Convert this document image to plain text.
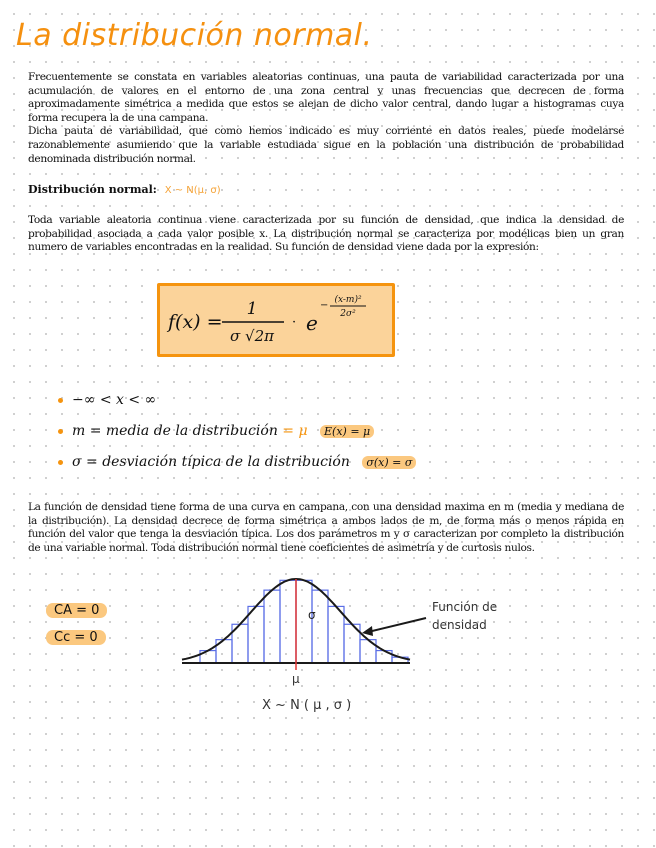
La distribución normal.

Frecuentemente se constata en variables aleatorias continuas, una pauta de variabilidad caracterizada por una acumulación de valores en el entorno de una zona central y unas frecuencias que decrecen de forma aproximadamente simétrica a medida que estos se alejan de dicho valor central, dando lugar a histogramas cuya forma recupera la de una campana.

Dicha pauta de variabilidad, que como hemos indicado es muy corriente en datos reales, puede modelarse razonablemente asumiendo que la variable estudiada sigue en la población una distribución de probabilidad denominada distribución normal.

Distribución normal: X ~ N(μ, σ)

Toda variable aleatoria continua viene caracterizada por su función de densidad, que indica la densidad de probabilidad asociada a cada valor posible x. La distribución normal se caracteriza por modélicas bien un gran numero de variables encontradas en la realidad. Su función de densidad viene dada por la expresión:

f(x) =
1
σ √2π
· e
− (x-m)²
2σ²
−∞ < x < ∞
m = media de la distribución = μ E(x) = μ
σ = desviación típica de la distribución σ(x) = σ

La función de densidad tiene forma de una curva en campana, con una densidad maxima en m (media y mediana de la distribución). La densidad decrece de forma simétrica a ambos lados de m, de forma más o menos rápida en función del valor que tenga la desviación típica. Los dos parámetros m y σ caracterizan por completo la distribución de una variable normal. Toda distribución normal tiene coeficientes de asimetría y de curtosis nulos.

CA = 0
Cc = 0
σ
μ
X ~ N ( μ , σ )
Función de
densidad
